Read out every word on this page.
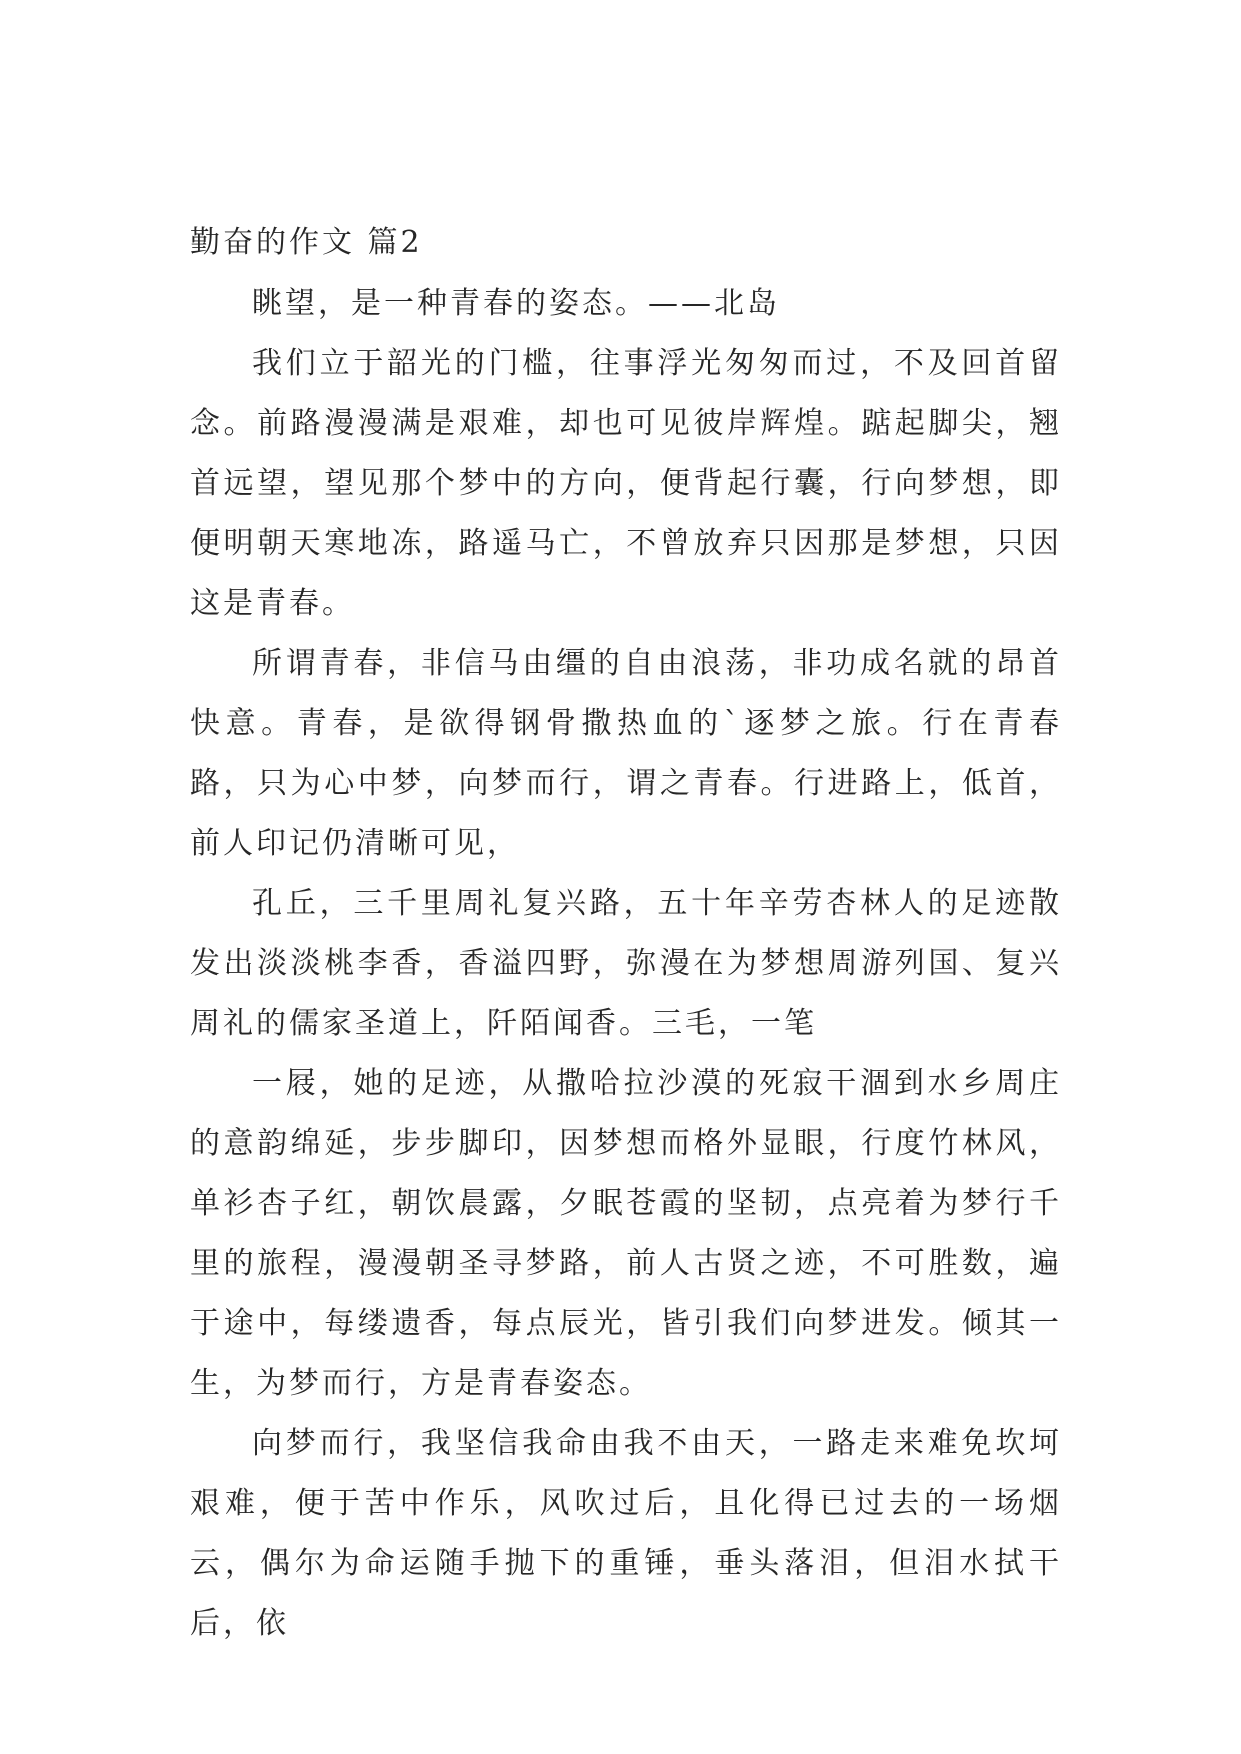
勤奋的作文 篇2

眺望，是一种青春的姿态。——北岛

我们立于韶光的门槛，往事浮光匆匆而过，不及回首留念。前路漫漫满是艰难，却也可见彼岸辉煌。踮起脚尖，翘首远望，望见那个梦中的方向，便背起行囊，行向梦想，即便明朝天寒地冻，路遥马亡，不曾放弃只因那是梦想，只因这是青春。

所谓青春，非信马由缰的自由浪荡，非功成名就的昂首快意。青春，是欲得钢骨撒热血的`逐梦之旅。行在青春路，只为心中梦，向梦而行，谓之青春。行进路上，低首，前人印记仍清晰可见，

孔丘，三千里周礼复兴路，五十年辛劳杏林人的足迹散发出淡淡桃李香，香溢四野，弥漫在为梦想周游列国、复兴周礼的儒家圣道上，阡陌闻香。三毛，一笔

一屐，她的足迹，从撒哈拉沙漠的死寂干涸到水乡周庄的意韵绵延，步步脚印，因梦想而格外显眼，行度竹林风，单衫杏子红，朝饮晨露，夕眠苍霞的坚韧，点亮着为梦行千里的旅程，漫漫朝圣寻梦路，前人古贤之迹，不可胜数，遍于途中，每缕遗香，每点辰光，皆引我们向梦进发。倾其一生，为梦而行，方是青春姿态。

向梦而行，我坚信我命由我不由天，一路走来难免坎坷艰难，便于苦中作乐，风吹过后，且化得已过去的一场烟云，偶尔为命运随手抛下的重锤，垂头落泪，但泪水拭干后，依
